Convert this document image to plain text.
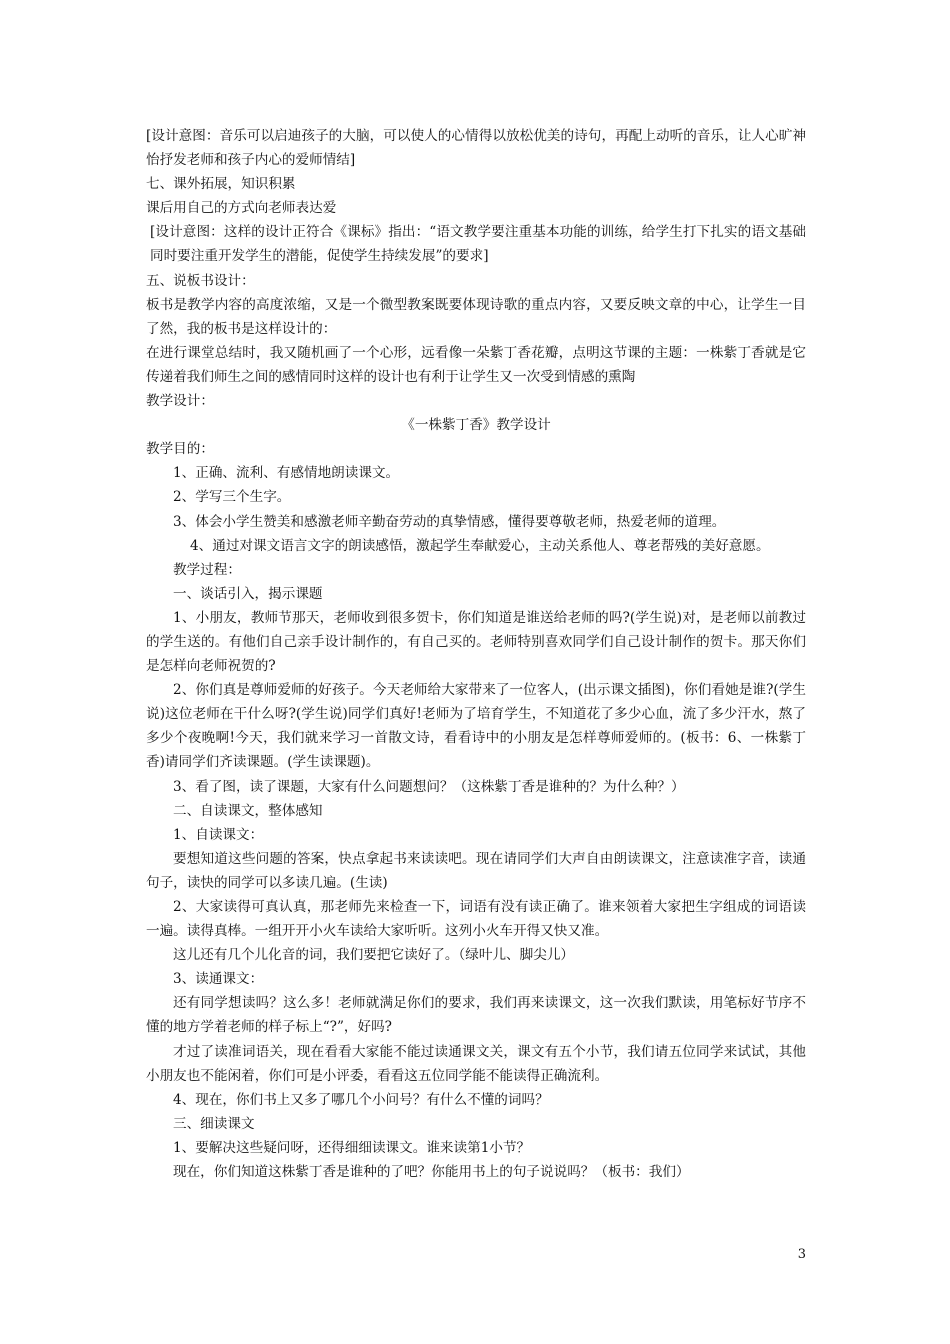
[设计意图：音乐可以启迪孩子的大脑，可以使人的心情得以放松优美的诗句，再配上动听的音乐，让人心旷神怡抒发老师和孩子内心的爱师情结]

七、课外拓展，知识积累

课后用自己的方式向老师表达爱

[设计意图：这样的设计正符合《课标》指出：“语文教学要注重基本功能的训练，给学生打下扎实的语文基础同时要注重开发学生的潜能，促使学生持续发展”的要求]

五、说板书设计：

板书是教学内容的高度浓缩，又是一个微型教案既要体现诗歌的重点内容，又要反映文章的中心，让学生一目了然，我的板书是这样设计的：

在进行课堂总结时，我又随机画了一个心形，远看像一朵紫丁香花瓣，点明这节课的主题：一株紫丁香就是它传递着我们师生之间的感情同时这样的设计也有利于让学生又一次受到情感的熏陶

教学设计：

《一株紫丁香》教学设计

教学目的：

1、正确、流利、有感情地朗读课文。

2、学写三个生字。

3、体会小学生赞美和感激老师辛勤奋劳动的真挚情感，懂得要尊敬老师，热爱老师的道理。

4、通过对课文语言文字的朗读感悟，激起学生奉献爱心，主动关系他人、尊老帮残的美好意愿。

教学过程：

一、谈话引入，揭示课题

1、小朋友，教师节那天，老师收到很多贺卡，你们知道是谁送给老师的吗?(学生说)对，是老师以前教过的学生送的。有他们自己亲手设计制作的，有自己买的。老师特别喜欢同学们自己设计制作的贺卡。那天你们是怎样向老师祝贺的?

2、你们真是尊师爱师的好孩子。今天老师给大家带来了一位客人，(出示课文插图)，你们看她是谁?(学生说)这位老师在干什么呀?(学生说)同学们真好!老师为了培育学生，不知道花了多少心血，流了多少汗水，熬了多少个夜晚啊!今天，我们就来学习一首散文诗，看看诗中的小朋友是怎样尊师爱师的。(板书：6、一株紫丁香)请同学们齐读课题。(学生读课题)。

3、看了图，读了课题，大家有什么问题想问？（这株紫丁香是谁种的？为什么种？）

二、自读课文，整体感知

1、自读课文：

要想知道这些问题的答案，快点拿起书来读读吧。现在请同学们大声自由朗读课文，注意读准字音，读通句子，读快的同学可以多读几遍。(生读)

2、大家读得可真认真，那老师先来检查一下，词语有没有读正确了。谁来领着大家把生字组成的词语读一遍。读得真棒。一组开开小火车读给大家听听。这列小火车开得又快又准。

这儿还有几个儿化音的词，我们要把它读好了。（绿叶儿、脚尖儿）

3、读通课文：

还有同学想读吗？这么多！老师就满足你们的要求，我们再来读课文，这一次我们默读，用笔标好节序不懂的地方学着老师的样子标上“?”，好吗?

才过了读准词语关，现在看看大家能不能过读通课文关，课文有五个小节，我们请五位同学来试试，其他小朋友也不能闲着，你们可是小评委，看看这五位同学能不能读得正确流利。

4、现在，你们书上又多了哪几个小问号？有什么不懂的词吗？

三、细读课文

1、要解决这些疑问呀，还得细细读课文。谁来读第1小节？

现在，你们知道这株紫丁香是谁种的了吧？你能用书上的句子说说吗？（板书：我们）

3
